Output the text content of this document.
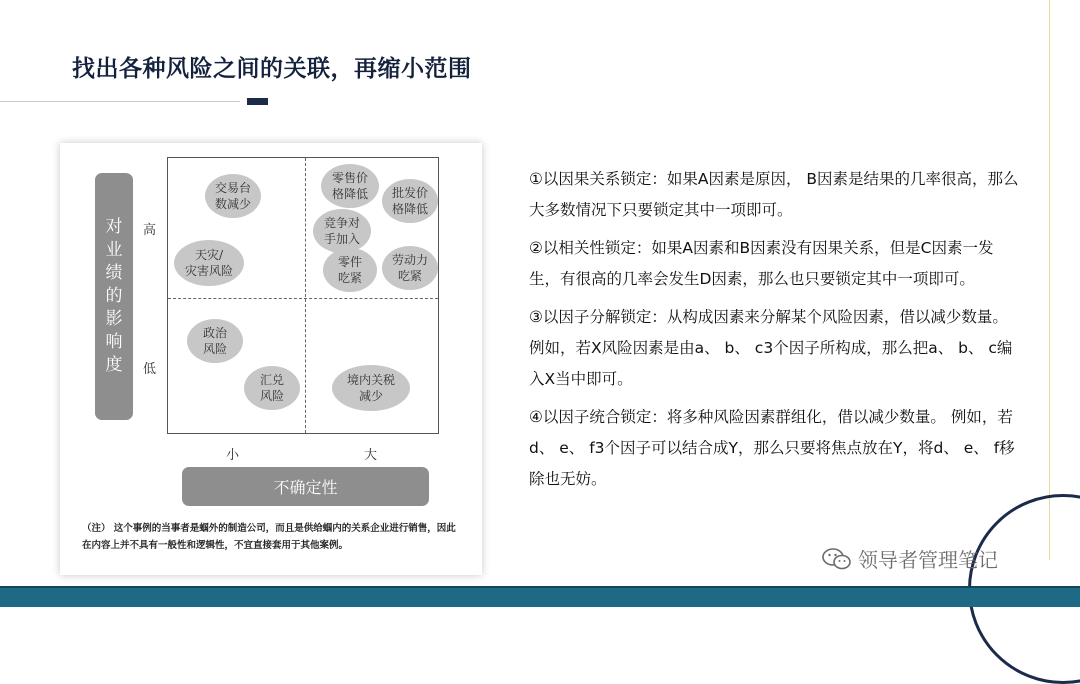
找出各种风险之间的关联，再缩小范围
对
业
绩
的
影
响
度
高
低
交易台
数减少
天灾/
灾害风险
零售价
格降低	批发价
格降低
竞争对
手加入
零件
吃紧
劳动力
吃紧
政治
风险
汇兑
风险
境内关税
减少
小	大
不确定性
（注） 这个事例的当事者是蝈外的制造公司，而且是供给蝈内的关系企业进行销售，因此在内容上并不具有一般性和逻辑性，不宜直接套用于其他案例。
①以因果关系锁定：如果A因素是原因， B因素是结果的几率很高，那么大多数情况下只要锁定其中一项即可。
②以相关性锁定：如果A因素和B因素没有因果关系，但是C因素一发生，有很高的几率会发生D因素，那么也只要锁定其中一项即可。
③以因子分解锁定：从构成因素来分解某个风险因素，借以减少数量。例如，若X风险因素是由a、 b、 c3个因子所构成，那么把a、 b、 c编入X当中即可。
④以因子统合锁定：将多种风险因素群组化，借以减少数量。 例如，若d、 e、 f3个因子可以结合成Y，那么只要将焦点放在Y，将d、 e、 f移除也无妨。
领导者管理笔记
